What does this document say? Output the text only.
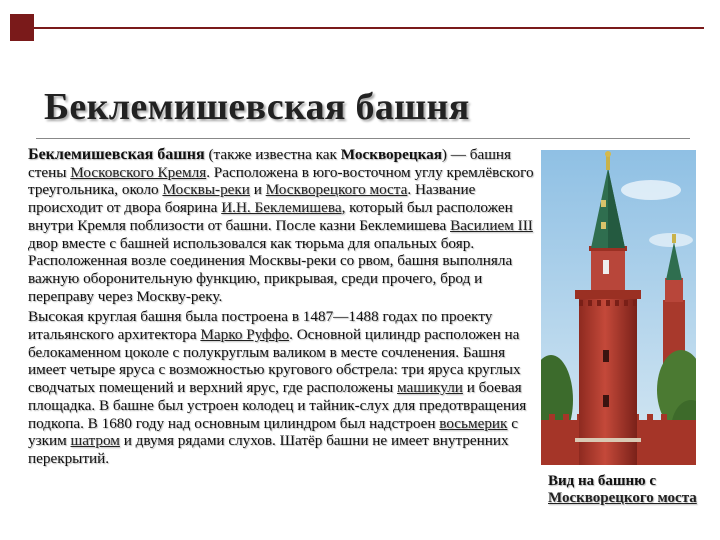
Беклемишевская башня

Беклемишевская башня (также известна как Москворецкая) — башня стены Московского Кремля. Расположена в юго-восточном углу кремлёвского треугольника, около Москвы-реки и Москворецкого моста. Название происходит от двора боярина И.Н. Беклемишева, который был расположен внутри Кремля поблизости от башни. После казни Беклемишева Василием III двор вместе с башней использовался как тюрьма для опальных бояр. Расположенная возле соединения Москвы-реки со рвом, башня выполняла важную оборонительную функцию, прикрывая, среди прочего, брод и переправу через Москву-реку.

Высокая круглая башня была построена в 1487—1488 годах по проекту итальянского архитектора Марко Руффо. Основной цилиндр расположен на белокаменном цоколе с полукруглым валиком в месте сочленения. Башня имеет четыре яруса с возможностью кругового обстрела: три яруса круглых сводчатых помещений и верхний ярус, где расположены машикули и боевая площадка. В башне был устроен колодец и тайник-слух для предотвращения подкопа. В 1680 году над основным цилиндром был надстроен восьмерик с узким шатром и двумя рядами слухов. Шатёр башни не имеет внутренних перекрытий.

Вид на башню с Москворецкого моста
